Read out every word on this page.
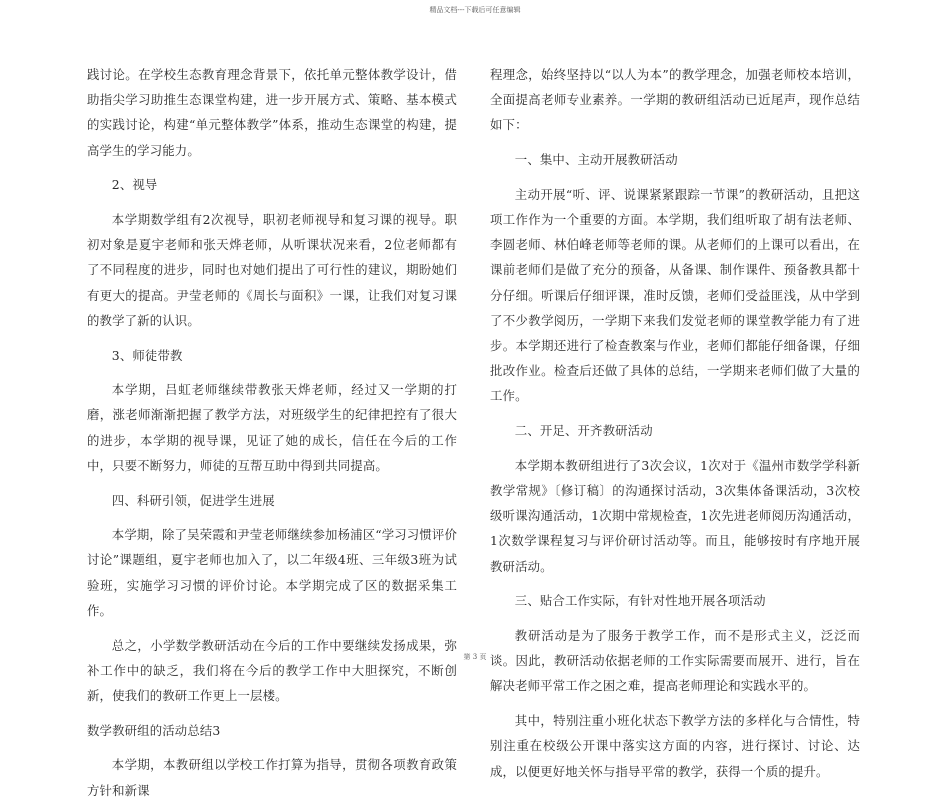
精品文档---下载后可任意编辑

践讨论。在学校生态教育理念背景下，依托单元整体教学设计，借助指尖学习助推生态课堂构建，进一步开展方式、策略、基本模式的实践讨论，构建“单元整体教学”体系，推动生态课堂的构建，提高学生的学习能力。

2、视导

本学期数学组有2次视导，职初老师视导和复习课的视导。职初对象是夏宇老师和张天烨老师，从听课状况来看，2位老师都有了不同程度的进步，同时也对她们提出了可行性的建议，期盼她们有更大的提高。尹莹老师的《周长与面积》一课，让我们对复习课的教学了新的认识。

3、师徒带教

本学期，吕虹老师继续带教张天烨老师，经过又一学期的打磨，涨老师渐渐把握了教学方法，对班级学生的纪律把控有了很大的进步，本学期的视导课，见证了她的成长，信任在今后的工作中，只要不断努力，师徒的互帮互助中得到共同提高。

四、科研引领，促进学生进展

本学期，除了吴荣霞和尹莹老师继续参加杨浦区“学习习惯评价讨论”课题组，夏宇老师也加入了，以二年级4班、三年级3班为试验班，实施学习习惯的评价讨论。本学期完成了区的数据采集工作。

总之，小学数学教研活动在今后的工作中要继续发扬成果，弥补工作中的缺乏，我们将在今后的教学工作中大胆探究，不断创新，使我们的教研工作更上一层楼。

数学教研组的活动总结3

本学期，本教研组以学校工作打算为指导，贯彻各项教育政策方针和新课

程理念，始终坚持以“以人为本”的教学理念，加强老师校本培训，全面提高老师专业素养。一学期的教研组活动已近尾声，现作总结如下：

一、集中、主动开展教研活动

主动开展“听、评、说课紧紧跟踪一节课”的教研活动，且把这项工作作为一个重要的方面。本学期，我们组听取了胡有法老师、李圆老师、林伯峰老师等老师的课。从老师们的上课可以看出，在课前老师们是做了充分的预备，从备课、制作课件、预备教具都十分仔细。听课后仔细评课，准时反馈，老师们受益匪浅，从中学到了不少教学阅历，一学期下来我们发觉老师的课堂教学能力有了进步。本学期还进行了检查教案与作业，老师们都能仔细备课，仔细批改作业。检查后还做了具体的总结，一学期来老师们做了大量的工作。

二、开足、开齐教研活动

本学期本教研组进行了3次会议，1次对于《温州市数学学科新教学常规》〔修订稿〕的沟通探讨活动，3次集体备课活动，3次校级听课沟通活动，1次期中常规检查，1次先进老师阅历沟通活动，1次数学课程复习与评价研讨活动等。而且，能够按时有序地开展教研活动。

三、贴合工作实际，有针对性地开展各项活动

教研活动是为了服务于教学工作，而不是形式主义，泛泛而谈。因此，教研活动依据老师的工作实际需要而展开、进行，旨在解决老师平常工作之困之难，提高老师理论和实践水平的。

其中，特别注重小班化状态下教学方法的多样化与合情性，特别注重在校级公开课中落实这方面的内容，进行探讨、讨论、达成，以便更好地关怀与指导平常的教学，获得一个质的提升。

第 3 页
